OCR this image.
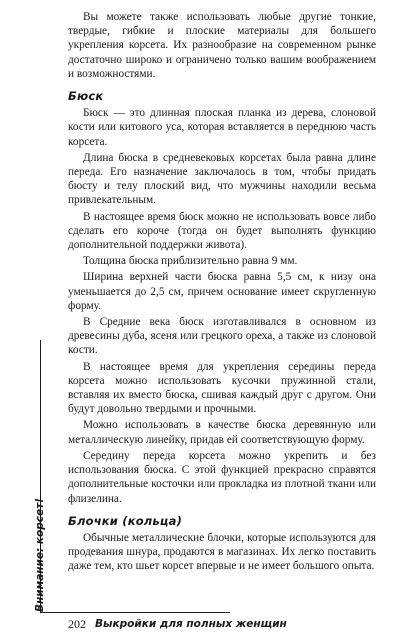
Вы можете также использовать любые другие тонкие, твердые, гибкие и плоские материалы для большего укрепления корсета. Их разнообразие на современном рынке достаточно широко и ограничено только вашим воображением и возможностями.

Бюск

Бюск — это длинная плоская планка из дерева, слоновой кости или китового уса, которая вставляется в переднюю часть корсета.

Длина бюска в средневековых корсетах была равна длине переда. Его назначение заключалось в том, чтобы придать бюсту и телу плоский вид, что мужчины находили весьма привлекательным.

В настоящее время бюск можно не использовать вовсе либо сделать его короче (тогда он будет выполнять функцию дополнительной поддержки живота).

Толщина бюска приблизительно равна 9 мм.

Ширина верхней части бюска равна 5,5 см, к низу она уменьшается до 2,5 см, причем основание имеет скругленную форму.

В Средние века бюск изготавливался в основном из древесины дуба, ясеня или грецкого ореха, а также из слоновой кости.

В настоящее время для укрепления середины переда корсета можно использовать кусочки пружинной стали, вставляя их вместо бюска, сшивая каждый друг с другом. Они будут довольно твердыми и прочными.

Можно использовать в качестве бюска деревянную или металлическую линейку, придав ей соответствующую форму.

Середину переда корсета можно укрепить и без использования бюска. С этой функцией прекрасно справятся дополнительные косточки или прокладка из плотной ткани или флизелина.

Блочки (кольца)

Обычные металлические блочки, которые используются для продевания шнура, продаются в магазинах. Их легко поставить даже тем, кто шьет корсет впервые и не имеет большого опыта.

Внимание: корсет!
202 Выкройки для полных женщин
